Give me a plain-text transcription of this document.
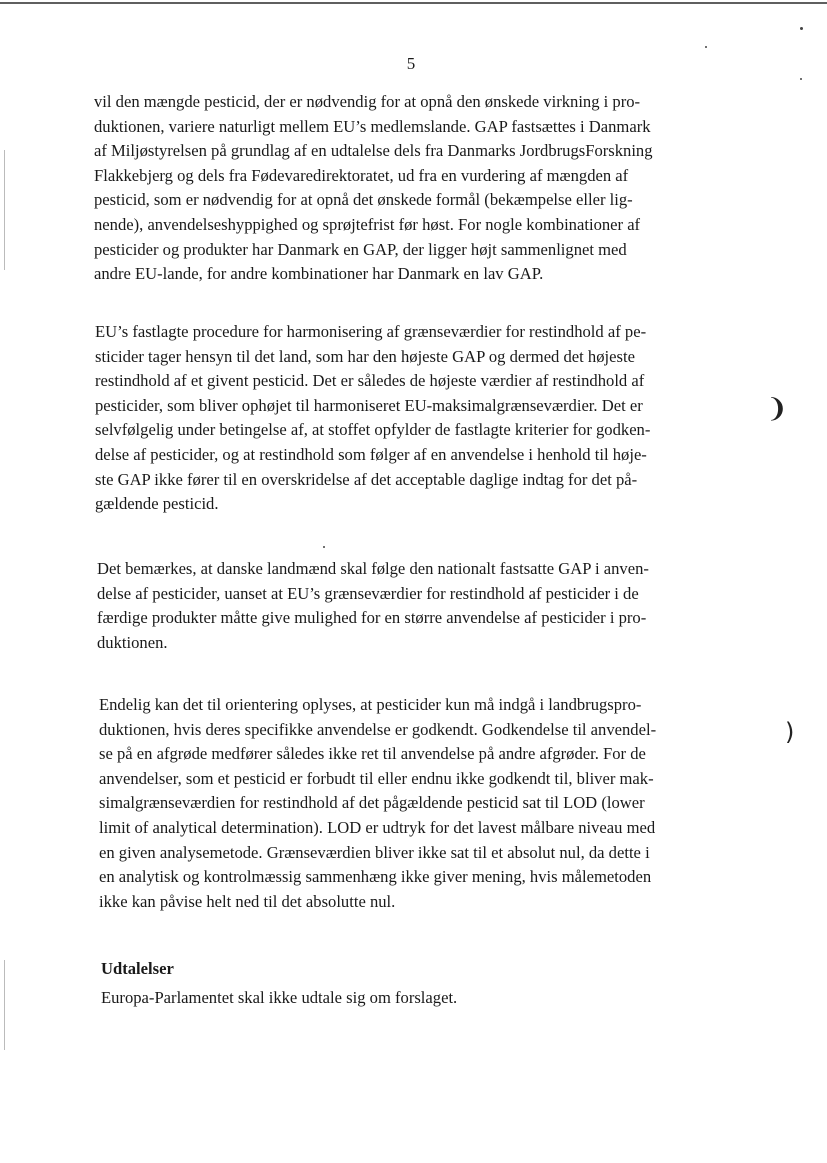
5

vil den mængde pesticid, der er nødvendig for at opnå den ønskede virkning i pro-
duktionen, variere naturligt mellem EU’s medlemslande. GAP fastsættes i Danmark
af Miljøstyrelsen på grundlag af en udtalelse dels fra Danmarks JordbrugsForskning
Flakkebjerg og dels fra Fødevaredirektoratet, ud fra en vurdering af mængden af
pesticid, som er nødvendig for at opnå det ønskede formål (bekæmpelse eller lig-
nende), anvendelseshyppighed og sprøjtefrist før høst. For nogle kombinationer af
pesticider og produkter har Danmark en GAP, der ligger højt sammenlignet med
andre EU-lande, for andre kombinationer har Danmark en lav GAP.

EU’s fastlagte procedure for harmonisering af grænseværdier for restindhold af pe-
sticider tager hensyn til det land, som har den højeste GAP og dermed det højeste
restindhold af et givent pesticid. Det er således de højeste værdier af restindhold af
pesticider, som bliver ophøjet til harmoniseret EU-maksimalgrænseværdier. Det er
selvfølgelig under betingelse af, at stoffet opfylder de fastlagte kriterier for godken-
delse af pesticider, og at restindhold som følger af en anvendelse i henhold til høje-
ste GAP ikke fører til en overskridelse af det acceptable daglige indtag for det på-
gældende pesticid.

Det bemærkes, at danske landmænd skal følge den nationalt fastsatte GAP i anven-
delse af pesticider, uanset at EU’s grænseværdier for restindhold af pesticider i de
færdige produkter måtte give mulighed for en større anvendelse af pesticider i pro-
duktionen.

Endelig kan det til orientering oplyses, at pesticider kun må indgå i landbrugspro-
duktionen, hvis deres specifikke anvendelse er godkendt. Godkendelse til anvendel-
se på en afgrøde medfører således ikke ret til anvendelse på andre afgrøder. For de
anvendelser, som et pesticid er forbudt til eller endnu ikke godkendt til, bliver mak-
simalgrænseværdien for restindhold af det pågældende pesticid sat til LOD (lower
limit of analytical determination). LOD er udtryk for det lavest målbare niveau med
en given analysemetode. Grænseværdien bliver ikke sat til et absolut nul, da dette i
en analytisk og kontrolmæssig sammenhæng ikke giver mening, hvis målemetoden
ikke kan påvise helt ned til det absolutte nul.

Udtalelser

Europa-Parlamentet skal ikke udtale sig om forslaget.

❩
)
